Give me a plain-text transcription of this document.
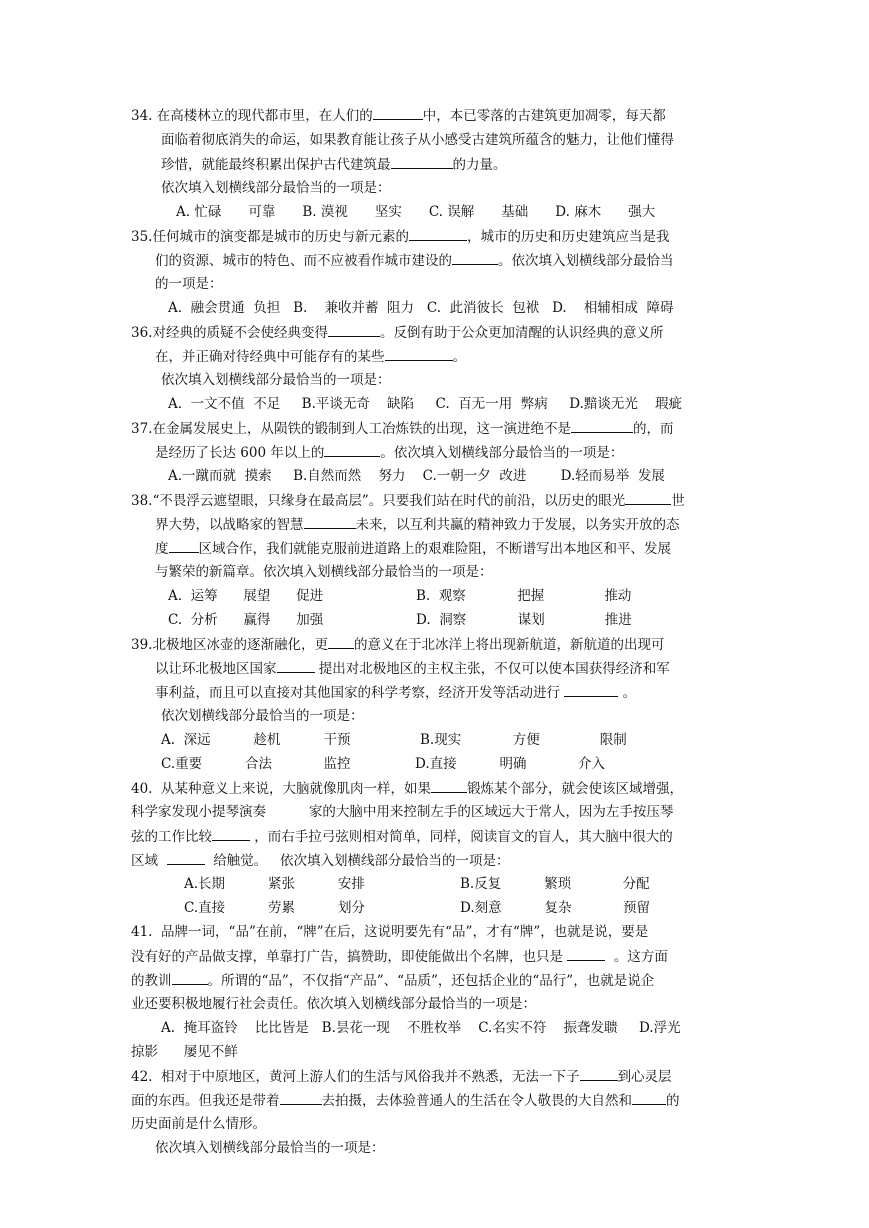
34. 在高楼林立的现代都市里，在人们的	中，本已零落的古建筑更加凋零，每天都
面临着彻底消失的命运，如果教育能让孩子从小感受古建筑所蕴含的魅力，让他们懂得
珍惜，就能最终积累出保护古代建筑最	的力量。
依次填入划横线部分最恰当的一项是：
A. 忙碌　　可靠　　B. 漠视　　坚实　　C. 误解　　基础　　D. 麻木　　强大
35.任何城市的演变都是城市的历史与新元素的	，城市的历史和历史建筑应当是我
们的资源、城市的特色、而不应被看作城市建设的	。依次填入划横线部分最恰当
的一项是：
A.  融会贯通  负担   B.    兼收并蓄  阻力   C.  此消彼长  包袱   D.    相辅相成  障碍
36.对经典的质疑不会使经典变得	。反倒有助于公众更加清醒的认识经典的意义所
在，并正确对待经典中可能存有的某些	。
依次填入划横线部分最恰当的一项是：
A.  一文不值  不足     B.平谈无奇    缺陷     C.  百无一用  弊病     D.黯谈无光    瑕疵
37.在金属发展史上，从陨铁的锻制到人工冶炼铁的出现，这一演进绝不是	的，而
是经历了长达 600 年以上的	。依次填入划横线部分最恰当的一项是：
A.一蹴而就  摸索     B.自然而然    努力    C.一朝一夕  改进        D.轻而易举  发展
38.“不畏浮云遮望眼，只缘身在最高层”。只要我们站在时代的前沿，以历史的眼光	世
界大势，以战略家的智慧	未来，以互利共赢的精神致力于发展，以务实开放的态
度 区域合作，我们就能克服前进道路上的艰难险阻，不断谱写出本地区和平、发展
与繁荣的新篇章。依次填入划横线部分最恰当的一项是：
A.  运筹      展望      促进	B.  观察            把握              推动
C.  分析      赢得      加强	D.  洞察            谋划              推进
39.北极地区冰壶的逐渐融化，更 的意义在于北冰洋上将出现新航道，新航道的出现可
以让环北极地区国家	提出对北极地区的主权主张，不仅可以使本国获得经济和军
事利益，而且可以直接对其他国家的科学考察，经济开发等活动进行	。
依次划横线部分最恰当的一项是：
A.  深远          趁机          干预	B.现实            方便              限制
C.重要          合法            监控	D.直接          明确            介入
40.  从某种意义上来说，大脑就像肌肉一样，如果	锻炼某个部分，就会使该区域增强，
科学家发现小提琴演奏          家的大脑中用来控制左手的区域远大于常人，因为左手按压琴
弦的工作比较	，而右手拉弓弦则相对简单，同样，阅读盲文的盲人，其大脑中很大的
区域	给触觉。   依次填入划横线部分最恰当的一项是：
A.长期          紧张          安排	B.反复          繁琐            分配
C.直接          劳累          划分	D.刻意          复杂            预留
41.  品牌一词，“品”在前，“牌”在后，这说明要先有“品”，才有“牌”，也就是说，要是
没有好的产品做支撑，单靠打广告，搞赞助，即使能做出个名牌，也只是	。这方面
的教训	。所谓的“品”，不仅指“产品”、“品质”，还包括企业的“品行”，也就是说企
业还要积极地履行社会责任。依次填入划横线部分最恰当的一项是：
A.  掩耳盗铃    比比皆是   B.昙花一现    不胜枚举    C.名实不符    振聋发聩     D.浮光
掠影      屡见不鲜
42.  相对于中原地区，黄河上游人们的生活与风俗我并不熟悉，无法一下子	到心灵层
面的东西。但我还是带着	去拍摄，去体验普通人的生活在令人敬畏的大自然和	的
历史面前是什么情形。
依次填入划横线部分最恰当的一项是：
